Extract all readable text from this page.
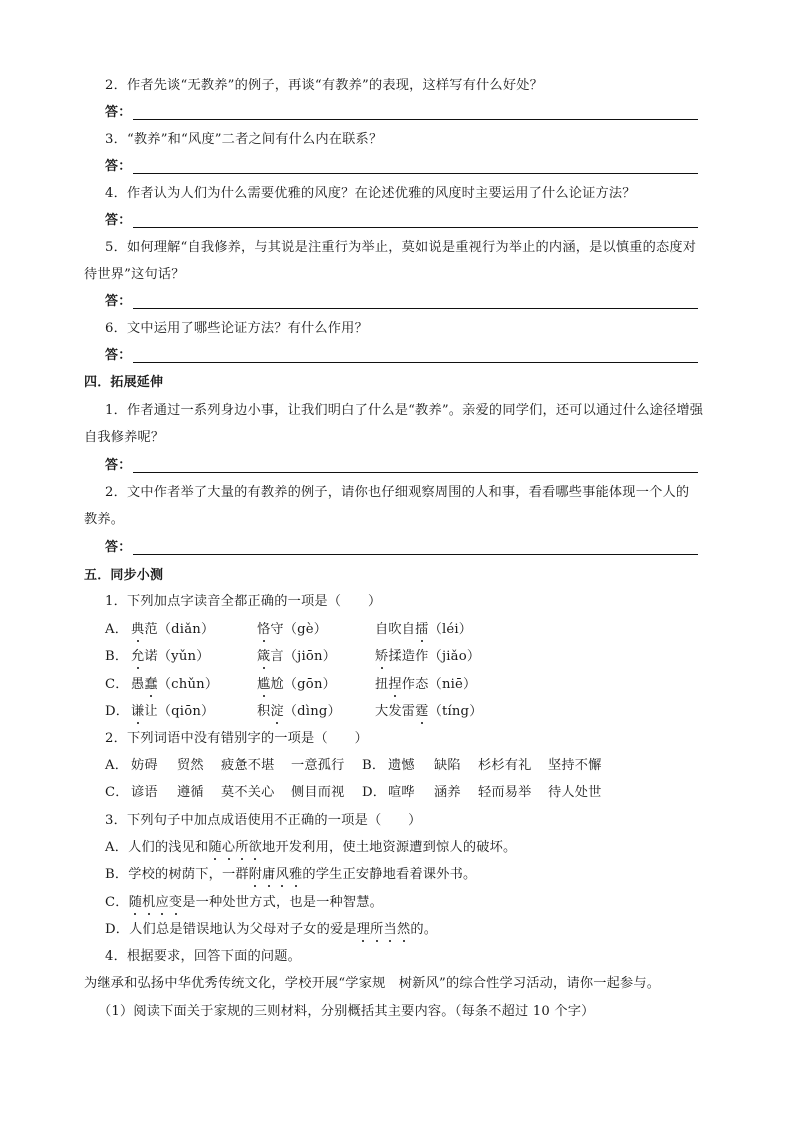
2．作者先谈“无教养”的例子，再谈“有教养”的表现，这样写有什么好处？
答：
3．“教养”和“风度”二者之间有什么内在联系？
答：
4．作者认为人们为什么需要优雅的风度？在论述优雅的风度时主要运用了什么论证方法？
答：
5．如何理解“自我修养，与其说是注重行为举止，莫如说是重视行为举止的内涵，是以慎重的态度对
待世界”这句话？
答：
6．文中运用了哪些论证方法？有什么作用？
答：
四．拓展延伸
1．作者通过一系列身边小事，让我们明白了什么是“教养”。亲爱的同学们，还可以通过什么途径增强
自我修养呢？
答：
2．文中作者举了大量的有教养的例子，请你也仔细观察周围的人和事，看看哪些事能体现一个人的
教养。
答：
五．同步小测
1．下列加点字读音全都正确的一项是（　　）
A． 典范（diǎn）	恪守（gè）	自吹自擂（léi）
B． 允诺（yǔn）	箴言（jiōn）	矫揉造作（jiǎo）
C． 愚蠢（chǔn）	尴尬（gōn）	扭捏作态（niē）
D． 谦让（qiōn）	积淀（dìng）	大发雷霆（tíng）
2．下列词语中没有错别字的一项是（　　）
A． 妨碍 贸然 疲惫不堪 一意孤行 B． 遗憾 缺陷 杉杉有礼 坚持不懈
C． 谚语 遵循 莫不关心 侧目而视 D． 喧哗 涵养 轻而易举 待人处世
3．下列句子中加点成语使用不正确的一项是（　　）
A．人们的浅见和随心所欲地开发利用，使土地资源遭到惊人的破坏。
B．学校的树荫下，一群附庸风雅的学生正安静地看着课外书。
C．随机应变是一种处世方式，也是一种智慧。
D．人们总是错误地认为父母对子女的爱是理所当然的。
4．根据要求，回答下面的问题。
为继承和弘扬中华优秀传统文化，学校开展“学家规　树新风”的综合性学习活动，请你一起参与。
（1）阅读下面关于家规的三则材料，分别概括其主要内容。（每条不超过 10 个字）
